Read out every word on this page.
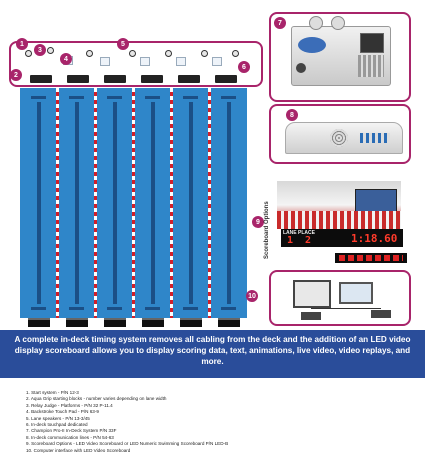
1
2
3
4
5
6
7
8
LANE PLACE
1  2	1:18.60
9 Scoreboard Options
10
A complete in-deck timing system removes all cabling from the deck and the addition of an LED video display scoreboard allows you to display scoring data, text, animations, live video, video replays, and more.
1. Start system - P/N 12-3
2. Aqua Grip starting blocks - number varies depending on lane width
3. Relay Judge - Platforms - P/N 32 P-11.4
4. Backstroke Touch Pad - P/N 63-9
5. Lane speakers - P/N 13-3/45
6. In-deck touchpad dedicated
7. Champion Pro-II In-Deck System P/N 33F
8. In-deck communication lines - P/N 54-63
9. Scoreboard Options - LED Video Scoreboard or LED Numeric Swimming Scoreboard P/N LED-B
10. Computer interface with LED Video Scoreboard
